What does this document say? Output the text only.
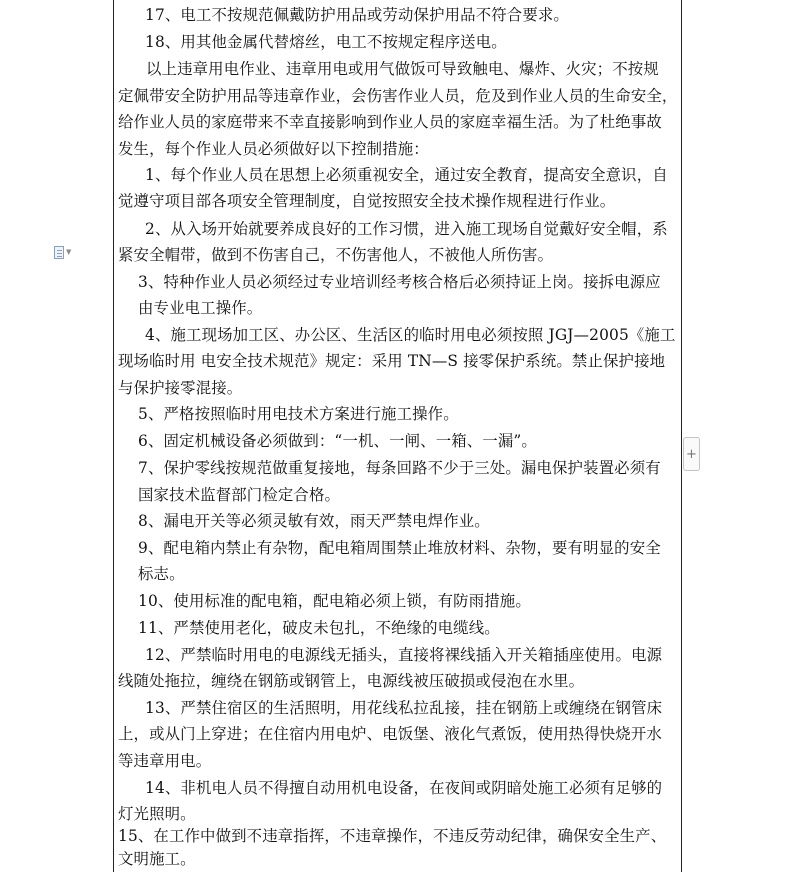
▼
+
17、电工不按规范佩戴防护用品或劳动保护用品不符合要求。
18、用其他金属代替熔丝，电工不按规定程序送电。
以上违章用电作业、违章用电或用气做饭可导致触电、爆炸、火灾；不按规
定佩带安全防护用品等违章作业，会伤害作业人员，危及到作业人员的生命安全，
给作业人员的家庭带来不幸直接影响到作业人员的家庭幸福生活。为了杜绝事故
发生，每个作业人员必须做好以下控制措施：
1、每个作业人员在思想上必须重视安全，通过安全教育，提高安全意识，自
觉遵守项目部各项安全管理制度，自觉按照安全技术操作规程进行作业。
2、从入场开始就要养成良好的工作习惯，进入施工现场自觉戴好安全帽，系
紧安全帽带，做到不伤害自己，不伤害他人，不被他人所伤害。
3、特种作业人员必须经过专业培训经考核合格后必须持证上岗。接拆电源应
由专业电工操作。
4、施工现场加工区、办公区、生活区的临时用电必须按照 JGJ—2005《施工
现场临时用 电安全技术规范》规定：采用 TN—S 接零保护系统。禁止保护接地
与保护接零混接。
5、严格按照临时用电技术方案进行施工操作。
6、固定机械设备必须做到：“一机、一闸、一箱、一漏”。
7、保护零线按规范做重复接地，每条回路不少于三处。漏电保护装置必须有
国家技术监督部门检定合格。
8、漏电开关等必须灵敏有效，雨天严禁电焊作业。
9、配电箱内禁止有杂物，配电箱周围禁止堆放材料、杂物，要有明显的安全
标志。
10、使用标准的配电箱，配电箱必须上锁，有防雨措施。
11、严禁使用老化，破皮未包扎，不绝缘的电缆线。
12、严禁临时用电的电源线无插头，直接将裸线插入开关箱插座使用。电源
线随处拖拉，缠绕在钢筋或钢管上，电源线被压破损或侵泡在水里。
13、严禁住宿区的生活照明，用花线私拉乱接，挂在钢筋上或缠绕在钢管床
上，或从门上穿进；在住宿内用电炉、电饭堡、液化气煮饭，使用热得快烧开水
等违章用电。
14、非机电人员不得擅自动用机电设备，在夜间或阴暗处施工必须有足够的
灯光照明。
15、在工作中做到不违章指挥，不违章操作，不违反劳动纪律，确保安全生产、
文明施工。
